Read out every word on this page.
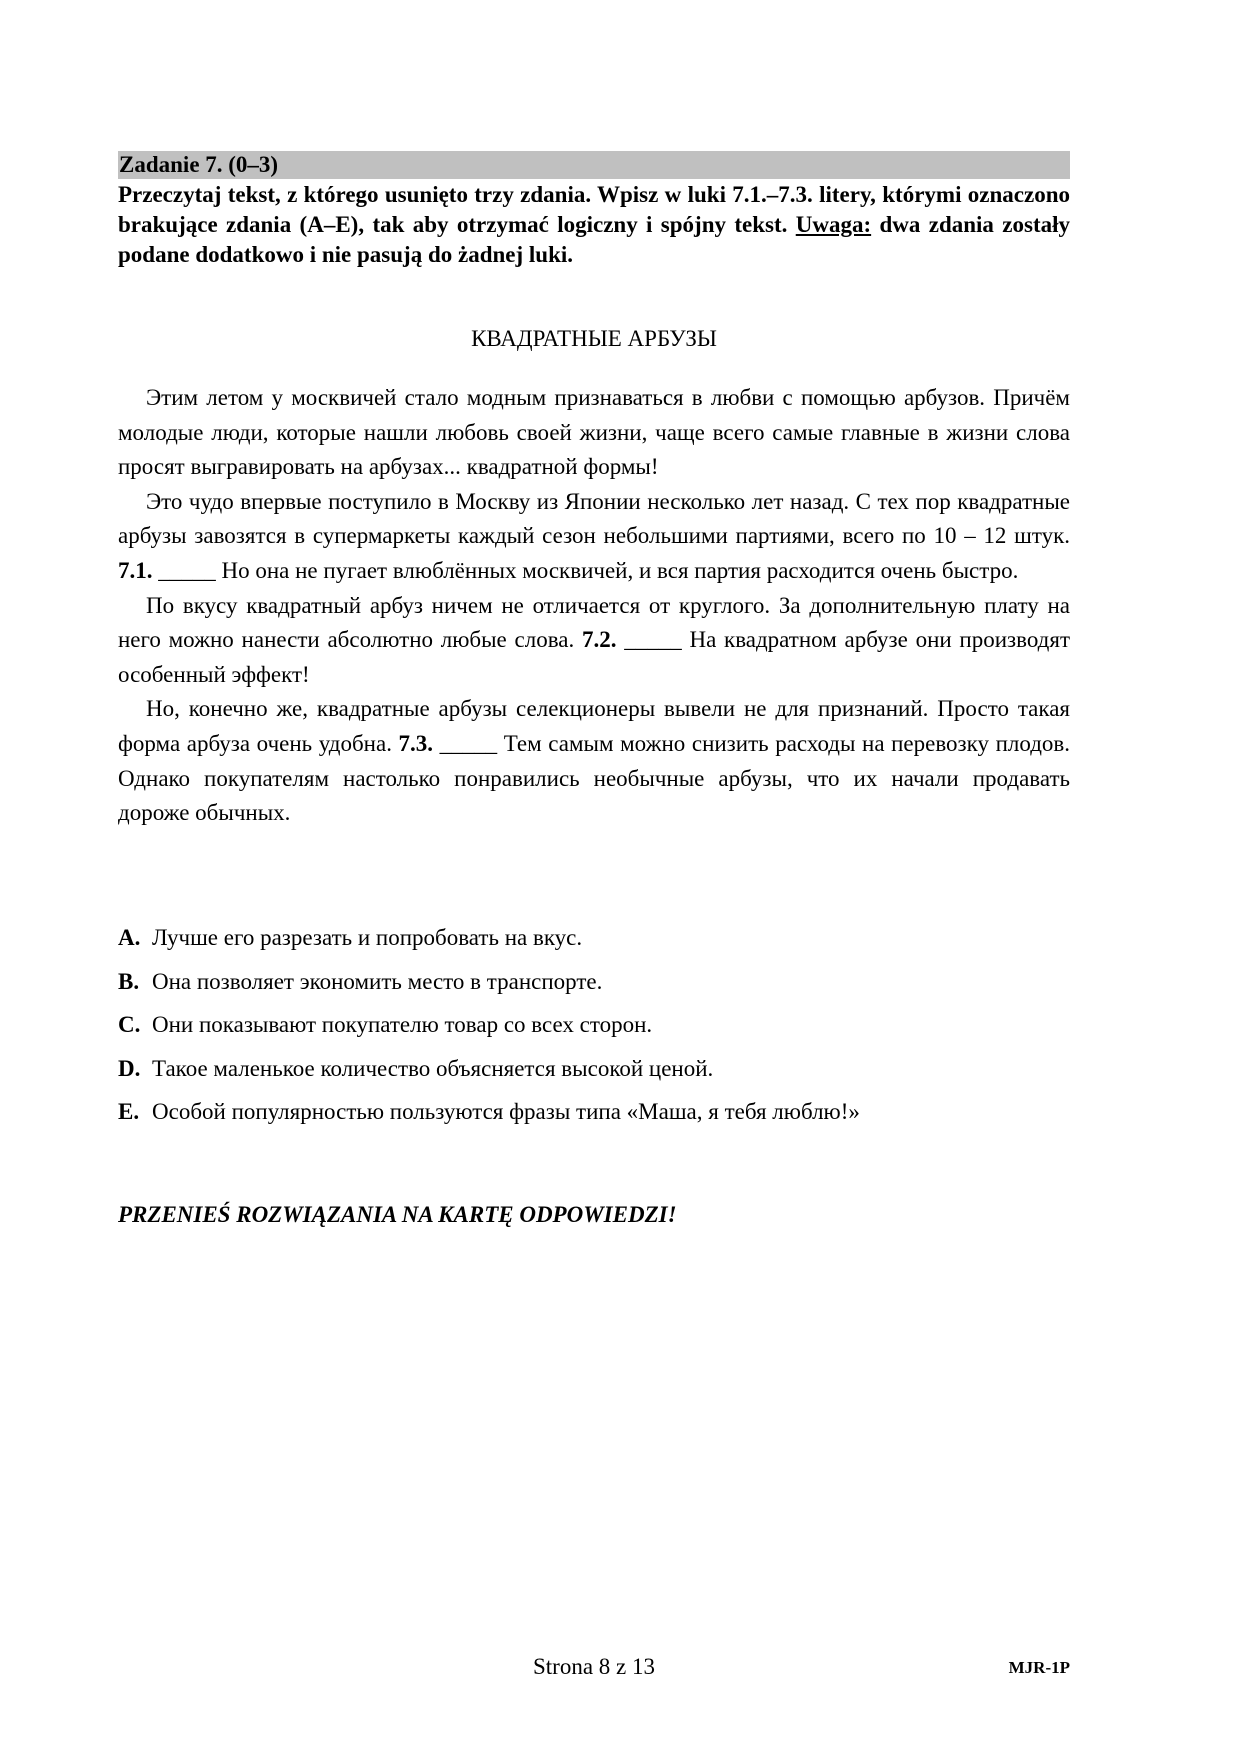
Zadanie 7. (0–3)
Przeczytaj tekst, z którego usunięto trzy zdania. Wpisz w luki 7.1.–7.3. litery, którymi oznaczono brakujące zdania (A–E), tak aby otrzymać logiczny i spójny tekst. Uwaga: dwa zdania zostały podane dodatkowo i nie pasują do żadnej luki.
КВАДРАТНЫЕ АРБУЗЫ

Этим летом у москвичей стало модным признаваться в любви с помощью арбузов. Причём молодые люди, которые нашли любовь своей жизни, чаще всего самые главные в жизни слова просят выгравировать на арбузах... квадратной формы!

Это чудо впервые поступило в Москву из Японии несколько лет назад. С тех пор квадратные арбузы завозятся в супермаркеты каждый сезон небольшими партиями, всего по 10 – 12 штук. 7.1. _____ Но она не пугает влюблённых москвичей, и вся партия расходится очень быстро.

По вкусу квадратный арбуз ничем не отличается от круглого. За дополнительную плату на него можно нанести абсолютно любые слова. 7.2. _____ На квадратном арбузе они производят особенный эффект!

Но, конечно же, квадратные арбузы селекционеры вывели не для признаний. Просто такая форма арбуза очень удобна. 7.3. _____ Тем самым можно снизить расходы на перевозку плодов. Однако покупателям настолько понравились необычные арбузы, что их начали продавать дороже обычных.

A. Лучше его разрезать и попробовать на вкус.
B. Она позволяет экономить место в транспорте.
C. Они показывают покупателю товар со всех сторон.
D. Такое маленькое количество объясняется высокой ценой.
E. Особой популярностью пользуются фразы типа «Маша, я тебя люблю!»
PRZENIEŚ ROZWIĄZANIA NA KARTĘ ODPOWIEDZI!
Strona 8 z 13	MJR-1P
